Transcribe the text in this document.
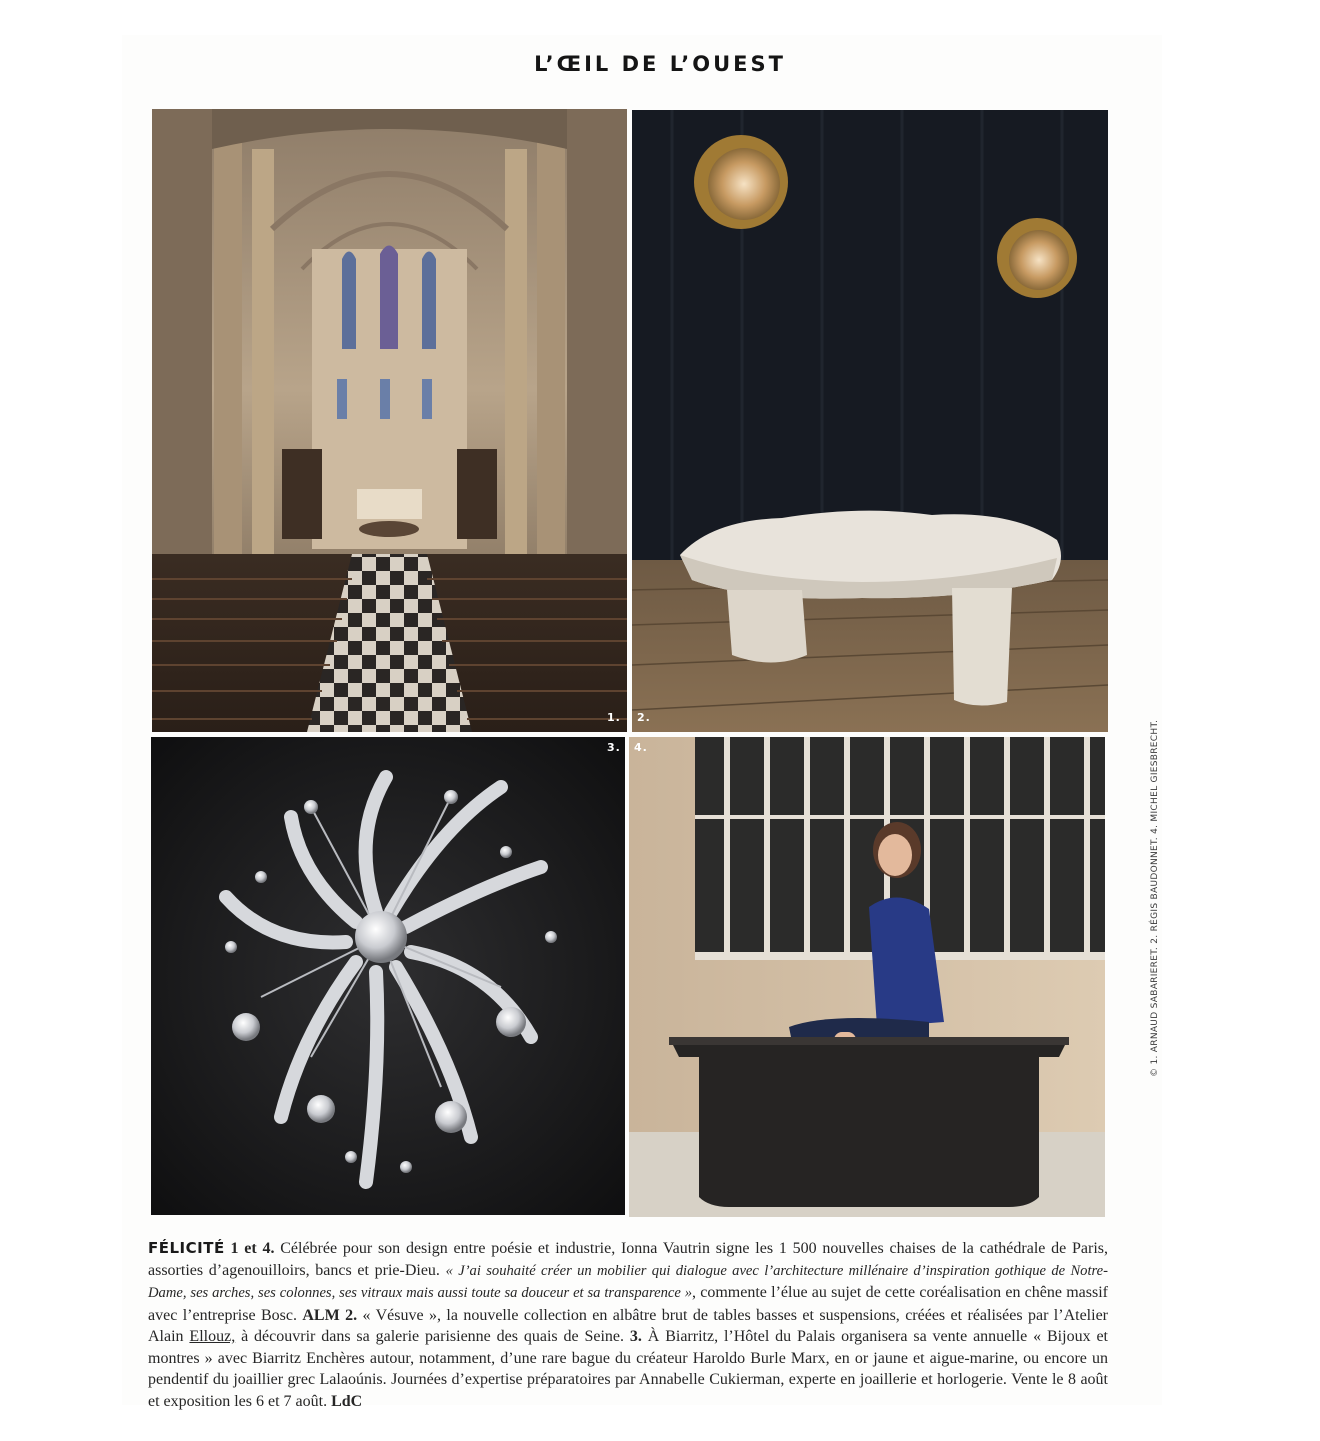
L’ŒIL DE L’OUEST
1. 2.
3. 4.	© 1. ARNAUD SABARIERET. 2. RÉGIS BAUDONNET. 4. MICHEL GIESBRECHT.
FÉLICITÉ 1 et 4. Célébrée pour son design entre poésie et industrie, Ionna Vautrin signe les 1 500 nouvelles chaises de la cathédrale de Paris, assorties d’agenouilloirs, bancs et prie-Dieu. « J’ai souhaité créer un mobilier qui dialogue avec l’architecture millénaire d’inspiration gothique de Notre-Dame, ses arches, ses colonnes, ses vitraux mais aussi toute sa douceur et sa transparence », commente l’élue au sujet de cette coréalisation en chêne massif avec l’entreprise Bosc. ALM 2. « Vésuve », la nouvelle collection en albâtre brut de tables basses et suspensions, créées et réalisées par l’Atelier Alain Ellouz, à découvrir dans sa galerie parisienne des quais de Seine. 3. À Biarritz, l’Hôtel du Palais organisera sa vente annuelle « Bijoux et montres » avec Biarritz Enchères autour, notamment, d’une rare bague du créateur Haroldo Burle Marx, en or jaune et aigue-marine, ou encore un pendentif du joaillier grec Lalaoúnis. Journées d’expertise préparatoires par Annabelle Cukierman, experte en joaillerie et horlogerie. Vente le 8 août et exposition les 6 et 7 août. LdC
